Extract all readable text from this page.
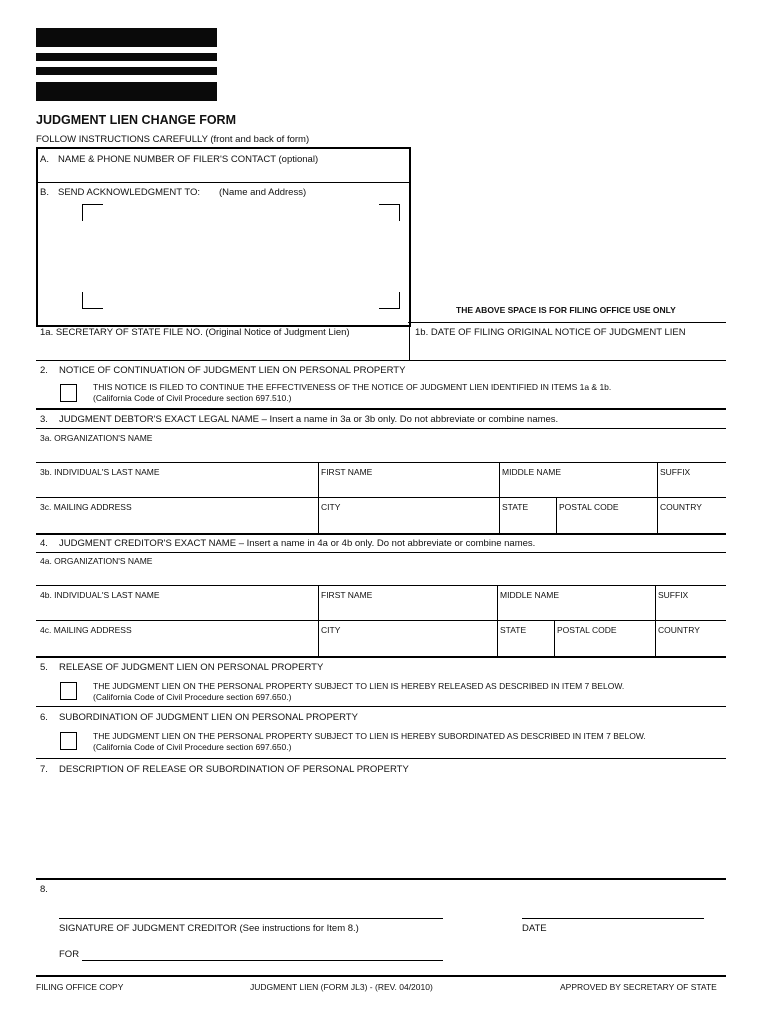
JUDGMENT LIEN CHANGE FORM
FOLLOW INSTRUCTIONS CAREFULLY (front and back of form)
A. NAME & PHONE NUMBER OF FILER'S CONTACT (optional)
B. SEND ACKNOWLEDGMENT TO: (Name and Address)
THE ABOVE SPACE IS FOR FILING OFFICE USE ONLY
1a. SECRETARY OF STATE FILE NO. (Original Notice of Judgment Lien)	1b. DATE OF FILING ORIGINAL NOTICE OF JUDGMENT LIEN
2. NOTICE OF CONTINUATION OF JUDGMENT LIEN ON PERSONAL PROPERTY
THIS NOTICE IS FILED TO CONTINUE THE EFFECTIVENESS OF THE NOTICE OF JUDGMENT LIEN IDENTIFIED IN ITEMS 1a & 1b.
(California Code of Civil Procedure section 697.510.)
3. JUDGMENT DEBTOR'S EXACT LEGAL NAME – Insert a name in 3a or 3b only. Do not abbreviate or combine names.
3a. ORGANIZATION'S NAME
3b. INDIVIDUAL'S LAST NAME	FIRST NAME	MIDDLE NAME	SUFFIX
3c. MAILING ADDRESS	CITY	STATE	POSTAL CODE	COUNTRY
4. JUDGMENT CREDITOR'S EXACT NAME – Insert a name in 4a or 4b only. Do not abbreviate or combine names.
4a. ORGANIZATION'S NAME
4b. INDIVIDUAL'S LAST NAME	FIRST NAME	MIDDLE NAME	SUFFIX
4c. MAILING ADDRESS	CITY	STATE	POSTAL CODE	COUNTRY
5. RELEASE OF JUDGMENT LIEN ON PERSONAL PROPERTY
THE JUDGMENT LIEN ON THE PERSONAL PROPERTY SUBJECT TO LIEN IS HEREBY RELEASED AS DESCRIBED IN ITEM 7 BELOW.
(California Code of Civil Procedure section 697.650.)
6. SUBORDINATION OF JUDGMENT LIEN ON PERSONAL PROPERTY
THE JUDGMENT LIEN ON THE PERSONAL PROPERTY SUBJECT TO LIEN IS HEREBY SUBORDINATED AS DESCRIBED IN ITEM 7 BELOW.
(California Code of Civil Procedure section 697.650.)
7. DESCRIPTION OF RELEASE OR SUBORDINATION OF PERSONAL PROPERTY
8.
SIGNATURE OF JUDGMENT CREDITOR (See instructions for Item 8.)	DATE
FOR
FILING OFFICE COPY	JUDGMENT LIEN (FORM JL3) - (REV. 04/2010)	APPROVED BY SECRETARY OF STATE
